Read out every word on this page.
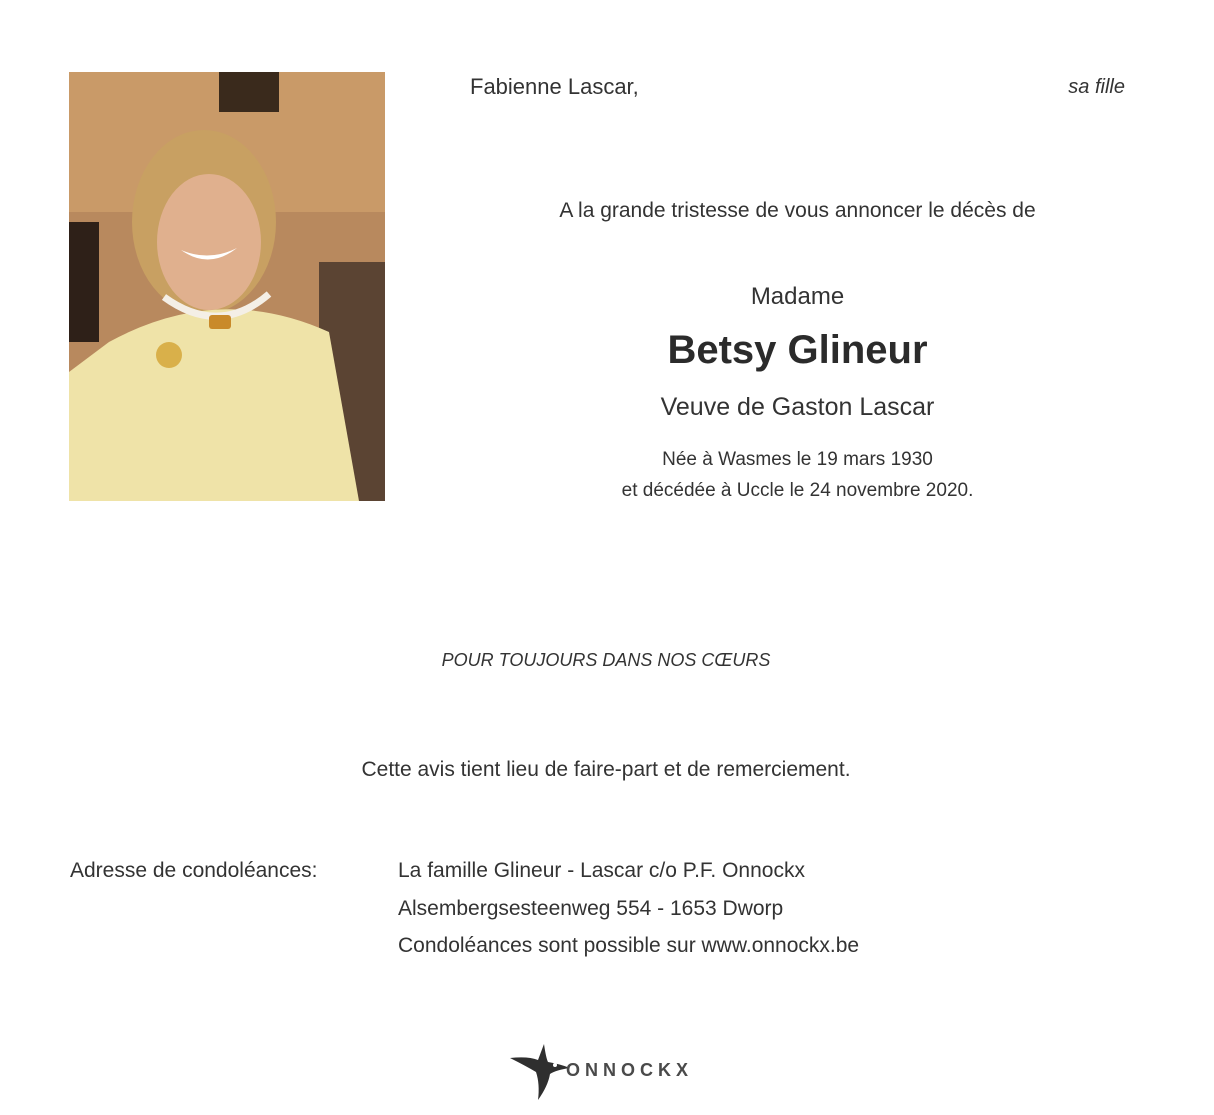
Fabienne Lascar,	sa fille
A la grande tristesse de vous annoncer le décès de
Madame
Betsy Glineur
Veuve de Gaston Lascar
Née à Wasmes le 19 mars 1930
et décédée à Uccle le 24 novembre 2020.
POUR TOUJOURS DANS NOS CŒURS
Cette avis tient lieu de faire-part et de remerciement.
Adresse de condoléances:	La famille Glineur - Lascar c/o P.F. Onnockx
Alsembergsesteenweg 554 - 1653 Dworp
Condoléances sont possible sur www.onnockx.be
ONNOCKX
